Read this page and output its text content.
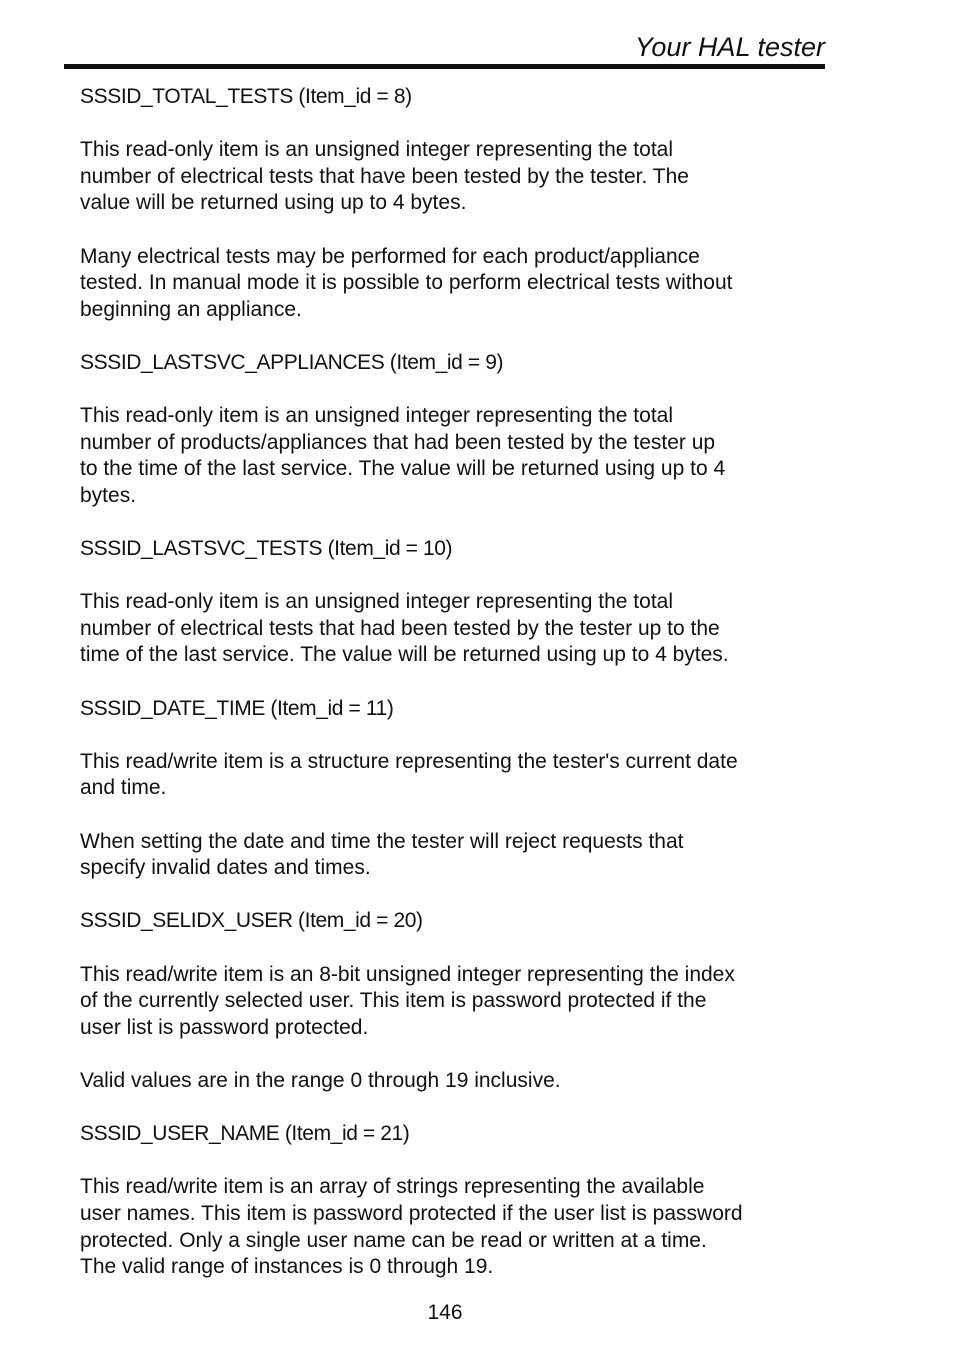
Your HAL tester
SSSID_TOTAL_TESTS (Item_id = 8)

This read-only item is an unsigned integer representing the total

number of electrical tests that have been tested by the tester. The

value will be returned using up to 4 bytes.

Many electrical tests may be performed for each product/appliance

tested. In manual mode it is possible to perform electrical tests without

beginning an appliance.

SSSID_LASTSVC_APPLIANCES (Item_id = 9)

This read-only item is an unsigned integer representing the total

number of products/appliances that had been tested by the tester up

to the time of the last service. The value will be returned using up to 4

bytes.

SSSID_LASTSVC_TESTS (Item_id = 10)

This read-only item is an unsigned integer representing the total

number of electrical tests that had been tested by the tester up to the

time of the last service. The value will be returned using up to 4 bytes.

SSSID_DATE_TIME (Item_id = 11)

This read/write item is a structure representing the tester's current date

and time.

When setting the date and time the tester will reject requests that

specify invalid dates and times.

SSSID_SELIDX_USER (Item_id = 20)

This read/write item is an 8-bit unsigned integer representing the index

of the currently selected user. This item is password protected if the

user list is password protected.

Valid values are in the range 0 through 19 inclusive.

SSSID_USER_NAME (Item_id = 21)

This read/write item is an array of strings representing the available

user names. This item is password protected if the user list is password

protected. Only a single user name can be read or written at a time.

The valid range of instances is 0 through 19.

146
